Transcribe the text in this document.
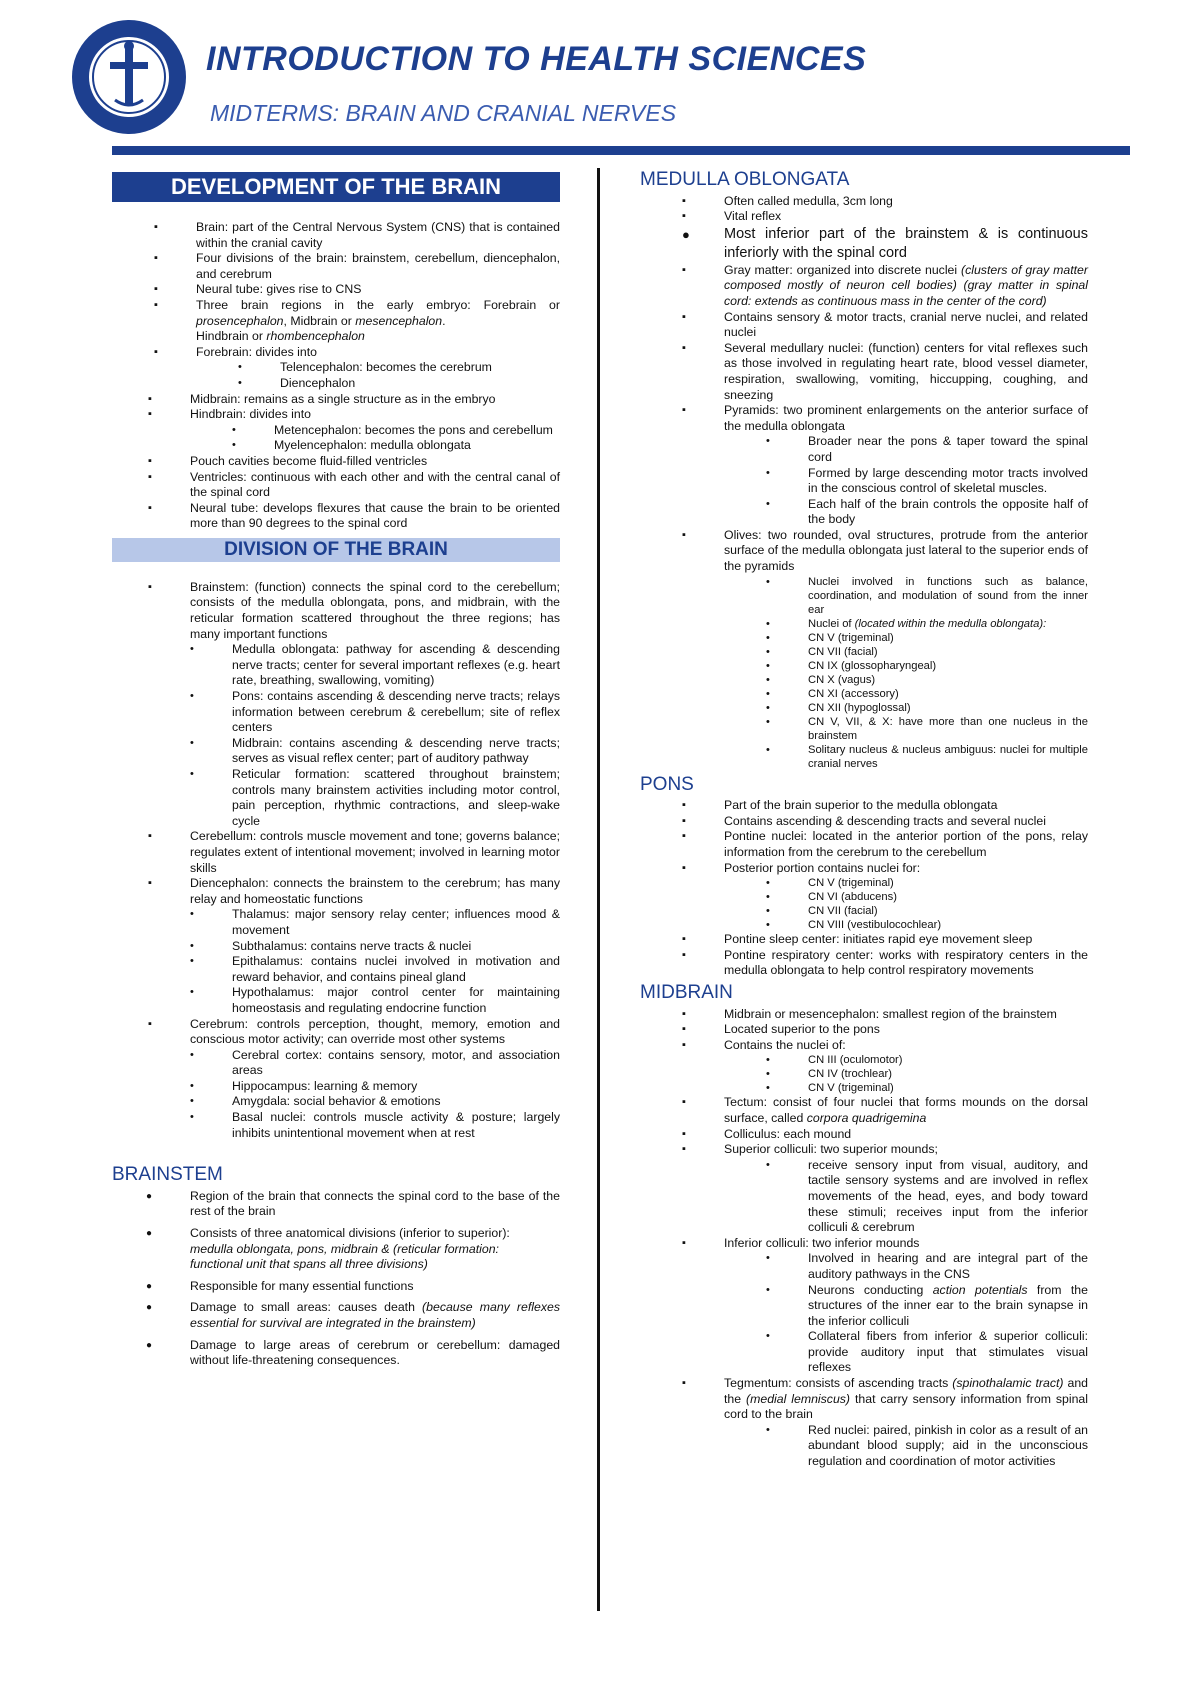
INTRODUCTION TO HEALTH SCIENCES
MIDTERMS: BRAIN AND CRANIAL NERVES
DEVELOPMENT OF THE BRAIN
▪ Brain: part of the Central Nervous System (CNS) that is contained within the cranial cavity
▪ Four divisions of the brain: brainstem, cerebellum, diencephalon, and cerebrum
▪ Neural tube: gives rise to CNS
▪ Three brain regions in the early embryo: Forebrain or prosencephalon, Midbrain or mesencephalon.
Hindbrain or rhombencephalon
▪ Forebrain: divides into
• Telencephalon: becomes the cerebrum
• Diencephalon
▪ Midbrain: remains as a single structure as in the embryo
▪ Hindbrain: divides into
• Metencephalon: becomes the pons and cerebellum
• Myelencephalon: medulla oblongata
▪ Pouch cavities become fluid-filled ventricles
▪ Ventricles: continuous with each other and with the central canal of the spinal cord
▪ Neural tube: develops flexures that cause the brain to be oriented more than 90 degrees to the spinal cord
DIVISION OF THE BRAIN
▪ Brainstem: (function) connects the spinal cord to the cerebellum; consists of the medulla oblongata, pons, and midbrain, with the reticular formation scattered throughout the three regions; has many important functions
• Medulla oblongata: pathway for ascending & descending nerve tracts; center for several important reflexes (e.g. heart rate, breathing, swallowing, vomiting)
• Pons: contains ascending & descending nerve tracts; relays information between cerebrum & cerebellum; site of reflex centers
• Midbrain: contains ascending & descending nerve tracts; serves as visual reflex center; part of auditory pathway
• Reticular formation: scattered throughout brainstem; controls many brainstem activities including motor control, pain perception, rhythmic contractions, and sleep-wake cycle
▪ Cerebellum: controls muscle movement and tone; governs balance; regulates extent of intentional movement; involved in learning motor skills
▪ Diencephalon: connects the brainstem to the cerebrum; has many relay and homeostatic functions
• Thalamus: major sensory relay center; influences mood & movement
• Subthalamus: contains nerve tracts & nuclei
• Epithalamus: contains nuclei involved in motivation and reward behavior, and contains pineal gland
• Hypothalamus: major control center for maintaining homeostasis and regulating endocrine function
▪ Cerebrum: controls perception, thought, memory, emotion and conscious motor activity; can override most other systems
• Cerebral cortex: contains sensory, motor, and association areas
• Hippocampus: learning & memory
• Amygdala: social behavior & emotions
• Basal nuclei: controls muscle activity & posture; largely inhibits unintentional movement when at rest
BRAINSTEM
● Region of the brain that connects the spinal cord to the base of the rest of the brain
● Consists of three anatomical divisions (inferior to superior):
medulla oblongata, pons, midbrain & (reticular formation:
functional unit that spans all three divisions)
● Responsible for many essential functions
● Damage to small areas: causes death (because many reflexes essential for survival are integrated in the brainstem)
● Damage to large areas of cerebrum or cerebellum: damaged without life-threatening consequences.
MEDULLA OBLONGATA
▪ Often called medulla, 3cm long
▪ Vital reflex
● Most inferior part of the brainstem & is continuous inferiorly with the spinal cord
▪ Gray matter: organized into discrete nuclei (clusters of gray matter composed mostly of neuron cell bodies) (gray matter in spinal cord: extends as continuous mass in the center of the cord)
▪ Contains sensory & motor tracts, cranial nerve nuclei, and related nuclei
▪ Several medullary nuclei: (function) centers for vital reflexes such as those involved in regulating heart rate, blood vessel diameter, respiration, swallowing, vomiting, hiccupping, coughing, and sneezing
▪ Pyramids: two prominent enlargements on the anterior surface of the medulla oblongata
• Broader near the pons & taper toward the spinal cord
• Formed by large descending motor tracts involved in the conscious control of skeletal muscles.
• Each half of the brain controls the opposite half of the body
▪ Olives: two rounded, oval structures, protrude from the anterior surface of the medulla oblongata just lateral to the superior ends of the pyramids
• Nuclei involved in functions such as balance, coordination, and modulation of sound from the inner ear
• Nuclei of (located within the medulla oblongata):
• CN V (trigeminal)
• CN VII (facial)
• CN IX (glossopharyngeal)
• CN X (vagus)
• CN XI (accessory)
• CN XII (hypoglossal)
• CN V, VII, & X: have more than one nucleus in the brainstem
• Solitary nucleus & nucleus ambiguus: nuclei for multiple cranial nerves
PONS
▪ Part of the brain superior to the medulla oblongata
▪ Contains ascending & descending tracts and several nuclei
▪ Pontine nuclei: located in the anterior portion of the pons, relay information from the cerebrum to the cerebellum
▪ Posterior portion contains nuclei for:
• CN V (trigeminal)
• CN VI (abducens)
• CN VII (facial)
• CN VIII (vestibulocochlear)
▪ Pontine sleep center: initiates rapid eye movement sleep
▪ Pontine respiratory center: works with respiratory centers in the medulla oblongata to help control respiratory movements
MIDBRAIN
▪ Midbrain or mesencephalon: smallest region of the brainstem
▪ Located superior to the pons
▪ Contains the nuclei of:
• CN III (oculomotor)
• CN IV (trochlear)
• CN V (trigeminal)
▪ Tectum: consist of four nuclei that forms mounds on the dorsal surface, called corpora quadrigemina
▪ Colliculus: each mound
▪ Superior colliculi: two superior mounds;
• receive sensory input from visual, auditory, and tactile sensory systems and are involved in reflex movements of the head, eyes, and body toward these stimuli; receives input from the inferior colliculi & cerebrum
▪ Inferior colliculi: two inferior mounds
• Involved in hearing and are integral part of the auditory pathways in the CNS
• Neurons conducting action potentials from the structures of the inner ear to the brain synapse in the inferior colliculi
• Collateral fibers from inferior & superior colliculi: provide auditory input that stimulates visual reflexes
▪ Tegmentum: consists of ascending tracts (spinothalamic tract) and the (medial lemniscus) that carry sensory information from spinal cord to the brain
• Red nuclei: paired, pinkish in color as a result of an abundant blood supply; aid in the unconscious regulation and coordination of motor activities
